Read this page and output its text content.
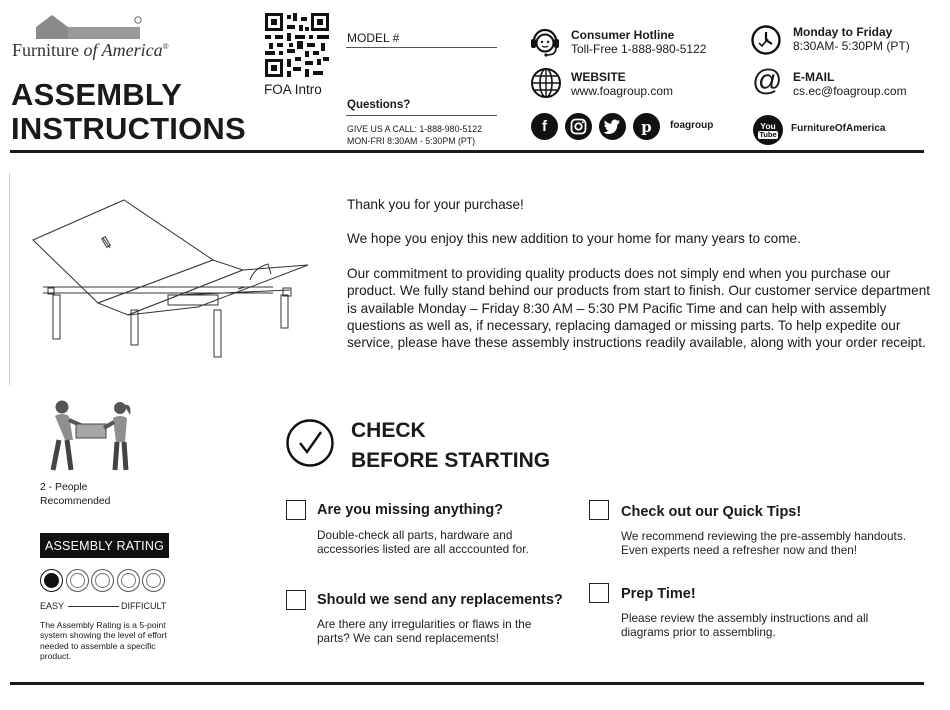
Furniture of America®
ASSEMBLY
INSTRUCTIONS
FOA Intro
MODEL #
Questions?
GIVE US A CALL: 1-888-980-5122
MON-FRI 8:30AM - 5:30PM (PT)
Consumer Hotline
Toll-Free 1-888-980-5122
Monday to Friday
8:30AM- 5:30PM (PT)
WEBSITE
www.foagroup.com	@ E-MAIL
cs.ec@foagroup.com
f	p	foagroup	You
Tube FurnitureOfAmerica

Thank you for your purchase!

We hope you enjoy this new addition to your home for many years to come.

Our commitment to providing quality products does not simply end when you purchase our product. We fully stand behind our products from start to finish. Our customer service department is available Monday – Friday 8:30 AM – 5:30 PM Pacific Time and can help with assembly questions as well as, if necessary, replacing damaged or missing parts. To help expedite our service, please have these assembly instructions readily available, along with your order receipt.

2 - People
Recommended
ASSEMBLY RATING
EASY	DIFFICULT
The Assembly Rating is a 5-point system showing the level of effort needed to assemble a specific product.
CHECK
BEFORE STARTING
Are you missing anything?
Double-check all parts, hardware and accessories listed are all acccounted for.
Should we send any replacements?
Are there any irregularities or flaws in the parts? We can send replacements!
Check out our Quick Tips!
We recommend reviewing the pre-assembly handouts. Even experts need a refresher now and then!
Prep Time!
Please review the assembly instructions and all diagrams prior to assembling.
